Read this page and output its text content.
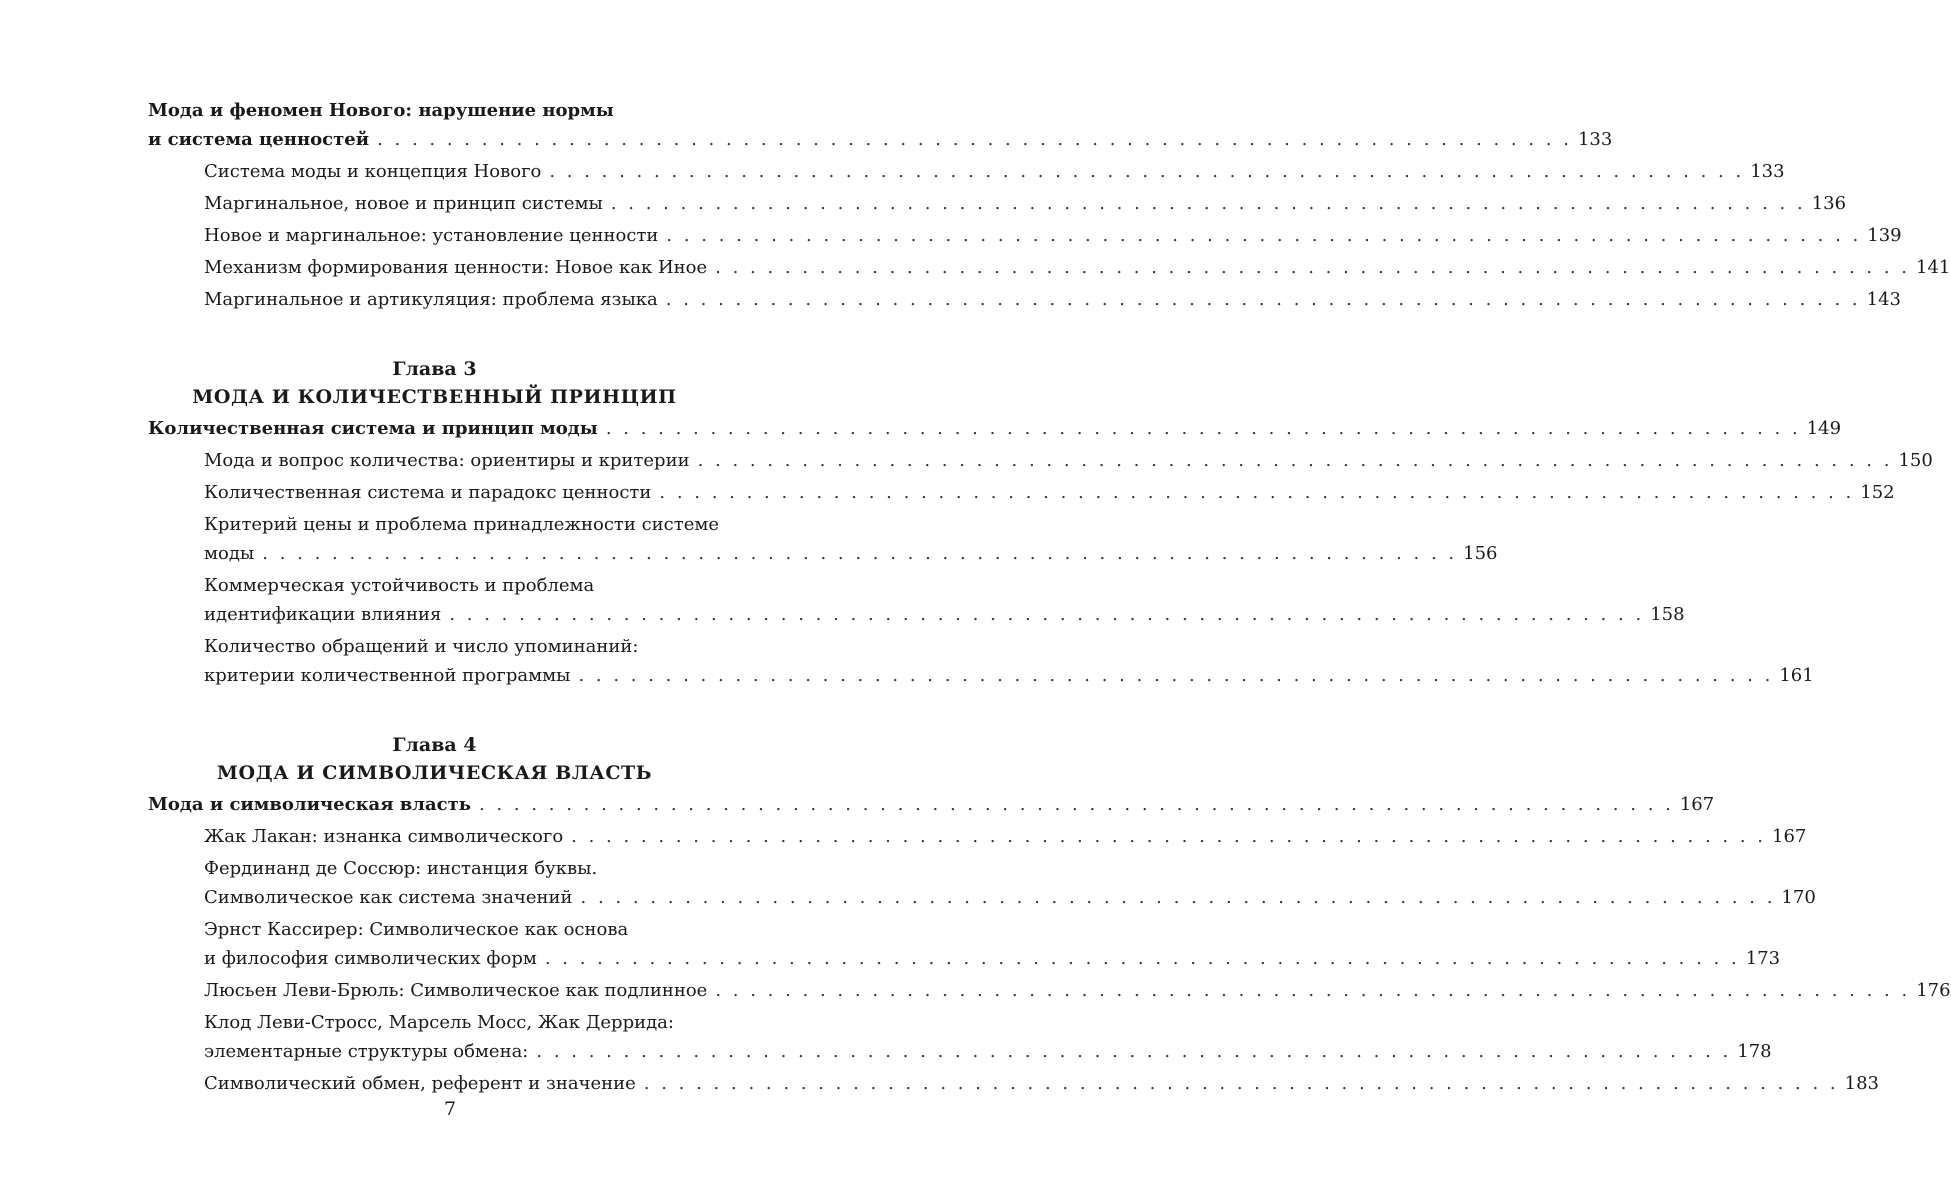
Мода и феномен Нового: нарушение нормы
и система ценностей . . . . . . . . . . . . . . . . . . . . . . . . . . . . . . . . . . . . . . . . . . . . . . . . . . . . . . . . . . . . . . . . . . . . . 133
Система моды и концепция Нового . . . . . . . . . . . . . . . . . . . . . . . . . . . . . . . . . . . . . . . . . . . . . . . . . . . . . . . . . . . . . . . . . . . . . 133
Маргинальное, новое и принцип системы . . . . . . . . . . . . . . . . . . . . . . . . . . . . . . . . . . . . . . . . . . . . . . . . . . . . . . . . . . . . . . . . . . . . . 136
Новое и маргинальное: установление ценности . . . . . . . . . . . . . . . . . . . . . . . . . . . . . . . . . . . . . . . . . . . . . . . . . . . . . . . . . . . . . . . . . . . . . 139
Механизм формирования ценности: Новое как Иное . . . . . . . . . . . . . . . . . . . . . . . . . . . . . . . . . . . . . . . . . . . . . . . . . . . . . . . . . . . . . . . . . . . . . 141
Маргинальное и артикуляция: проблема языка . . . . . . . . . . . . . . . . . . . . . . . . . . . . . . . . . . . . . . . . . . . . . . . . . . . . . . . . . . . . . . . . . . . . . 143
Глава 3
МОДА И КОЛИЧЕСТВЕННЫЙ ПРИНЦИП
Количественная система и принцип моды . . . . . . . . . . . . . . . . . . . . . . . . . . . . . . . . . . . . . . . . . . . . . . . . . . . . . . . . . . . . . . . . . . . . . 149
Мода и вопрос количества: ориентиры и критерии . . . . . . . . . . . . . . . . . . . . . . . . . . . . . . . . . . . . . . . . . . . . . . . . . . . . . . . . . . . . . . . . . . . . . 150
Количественная система и парадокс ценности . . . . . . . . . . . . . . . . . . . . . . . . . . . . . . . . . . . . . . . . . . . . . . . . . . . . . . . . . . . . . . . . . . . . . 152
Критерий цены и проблема принадлежности системе
моды . . . . . . . . . . . . . . . . . . . . . . . . . . . . . . . . . . . . . . . . . . . . . . . . . . . . . . . . . . . . . . . . . . . . . 156
Коммерческая устойчивость и проблема
идентификации влияния . . . . . . . . . . . . . . . . . . . . . . . . . . . . . . . . . . . . . . . . . . . . . . . . . . . . . . . . . . . . . . . . . . . . . 158
Количество обращений и число упоминаний:
критерии количественной программы . . . . . . . . . . . . . . . . . . . . . . . . . . . . . . . . . . . . . . . . . . . . . . . . . . . . . . . . . . . . . . . . . . . . . 161
Глава 4
МОДА И СИМВОЛИЧЕСКАЯ ВЛАСТЬ
Мода и символическая власть . . . . . . . . . . . . . . . . . . . . . . . . . . . . . . . . . . . . . . . . . . . . . . . . . . . . . . . . . . . . . . . . . . . . . 167
Жак Лакан: изнанка символического . . . . . . . . . . . . . . . . . . . . . . . . . . . . . . . . . . . . . . . . . . . . . . . . . . . . . . . . . . . . . . . . . . . . . 167
Фердинанд де Соссюр: инстанция буквы.
Символическое как система значений . . . . . . . . . . . . . . . . . . . . . . . . . . . . . . . . . . . . . . . . . . . . . . . . . . . . . . . . . . . . . . . . . . . . . 170
Эрнст Кассирер: Символическое как основа
и философия символических форм . . . . . . . . . . . . . . . . . . . . . . . . . . . . . . . . . . . . . . . . . . . . . . . . . . . . . . . . . . . . . . . . . . . . . 173
Люсьен Леви-Брюль: Символическое как подлинное . . . . . . . . . . . . . . . . . . . . . . . . . . . . . . . . . . . . . . . . . . . . . . . . . . . . . . . . . . . . . . . . . . . . . 176
Клод Леви-Стросс, Марсель Мосс, Жак Деррида:
элементарные структуры обмена: . . . . . . . . . . . . . . . . . . . . . . . . . . . . . . . . . . . . . . . . . . . . . . . . . . . . . . . . . . . . . . . . . . . . . 178
Символический обмен, референт и значение . . . . . . . . . . . . . . . . . . . . . . . . . . . . . . . . . . . . . . . . . . . . . . . . . . . . . . . . . . . . . . . . . . . . . 183
7
